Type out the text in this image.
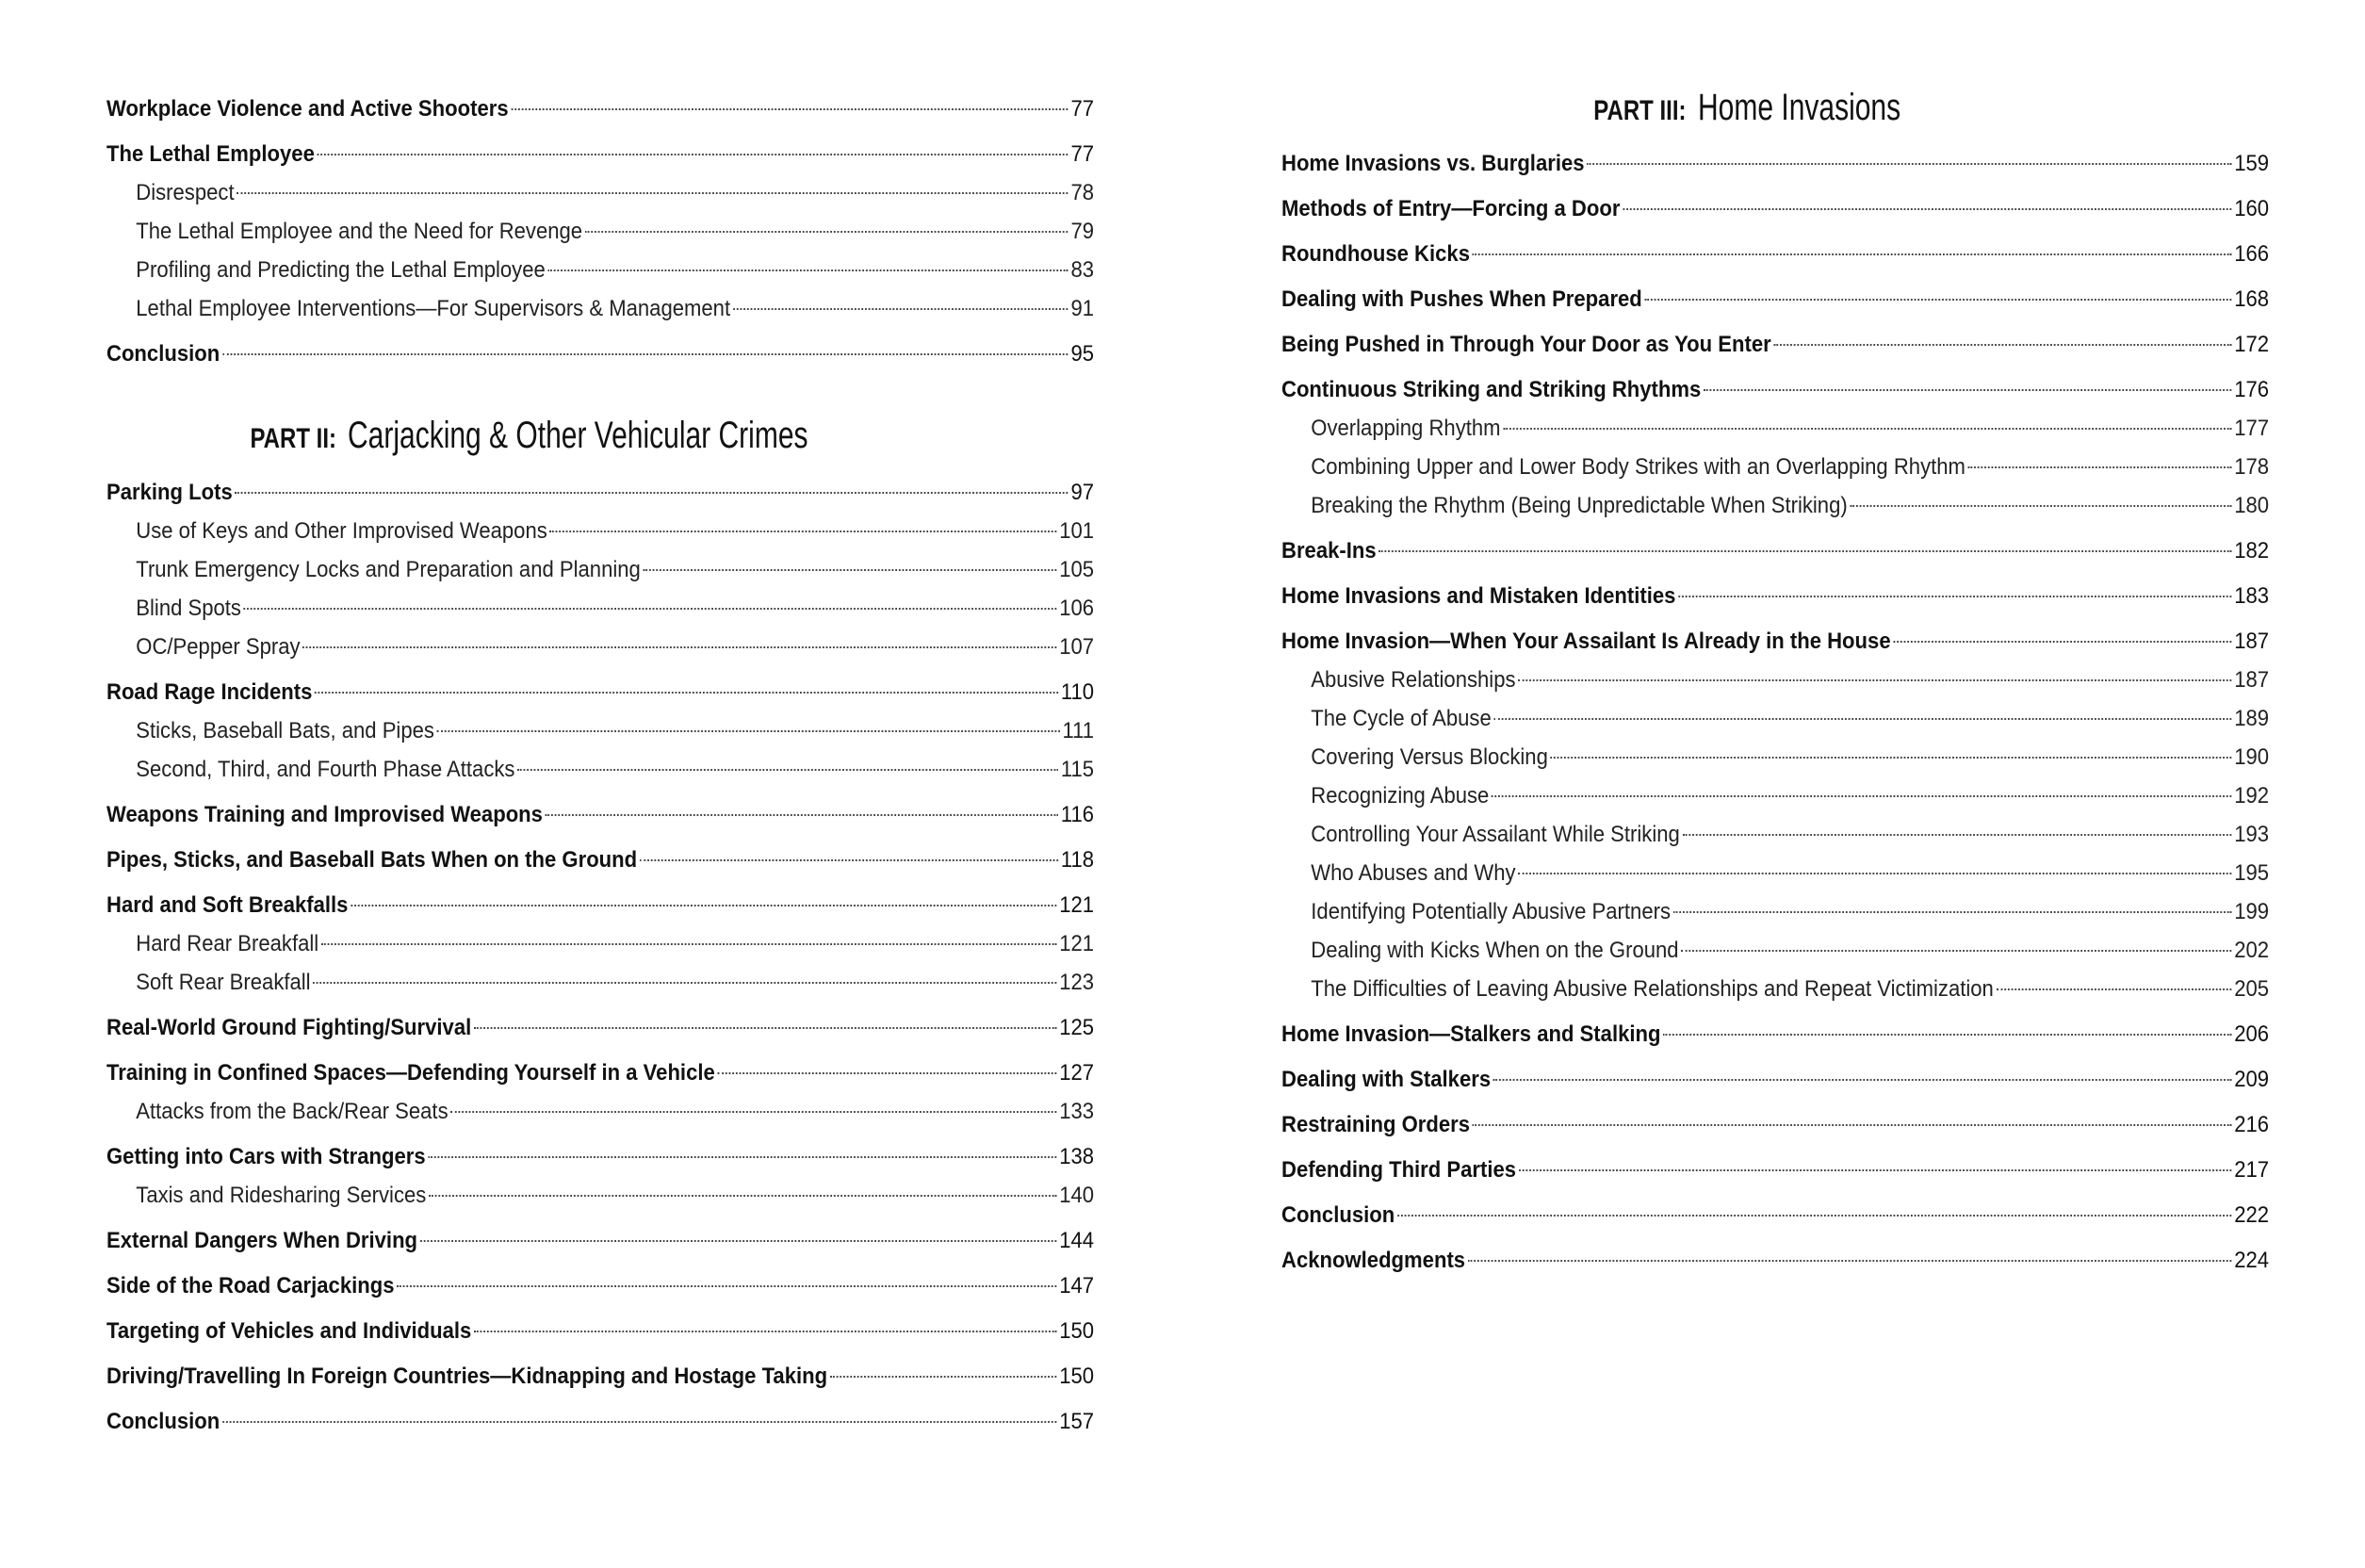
Workplace Violence and Active Shooters	77
The Lethal Employee	77
Disrespect	78
The Lethal Employee and the Need for Revenge	79
Profiling and Predicting the Lethal Employee	83
Lethal Employee Interventions—For Supervisors & Management	91
Conclusion	95
PART II: Carjacking & Other Vehicular Crimes
Parking Lots	97
Use of Keys and Other Improvised Weapons	101
Trunk Emergency Locks and Preparation and Planning	105
Blind Spots	106
OC/Pepper Spray	107
Road Rage Incidents	110
Sticks, Baseball Bats, and Pipes	111
Second, Third, and Fourth Phase Attacks	115
Weapons Training and Improvised Weapons	116
Pipes, Sticks, and Baseball Bats When on the Ground	118
Hard and Soft Breakfalls	121
Hard Rear Breakfall	121
Soft Rear Breakfall	123
Real-World Ground Fighting/Survival	125
Training in Confined Spaces—Defending Yourself in a Vehicle	127
Attacks from the Back/Rear Seats	133
Getting into Cars with Strangers	138
Taxis and Ridesharing Services	140
External Dangers When Driving	144
Side of the Road Carjackings	147
Targeting of Vehicles and Individuals	150
Driving/Travelling In Foreign Countries—Kidnapping and Hostage Taking	150
Conclusion	157
PART III: Home Invasions
Home Invasions vs. Burglaries	159
Methods of Entry—Forcing a Door	160
Roundhouse Kicks	166
Dealing with Pushes When Prepared	168
Being Pushed in Through Your Door as You Enter	172
Continuous Striking and Striking Rhythms	176
Overlapping Rhythm	177
Combining Upper and Lower Body Strikes with an Overlapping Rhythm	178
Breaking the Rhythm (Being Unpredictable When Striking)	180
Break-Ins	182
Home Invasions and Mistaken Identities	183
Home Invasion—When Your Assailant Is Already in the House	187
Abusive Relationships	187
The Cycle of Abuse	189
Covering Versus Blocking	190
Recognizing Abuse	192
Controlling Your Assailant While Striking	193
Who Abuses and Why	195
Identifying Potentially Abusive Partners	199
Dealing with Kicks When on the Ground	202
The Difficulties of Leaving Abusive Relationships and Repeat Victimization	205
Home Invasion—Stalkers and Stalking	206
Dealing with Stalkers	209
Restraining Orders	216
Defending Third Parties	217
Conclusion	222
Acknowledgments	224
